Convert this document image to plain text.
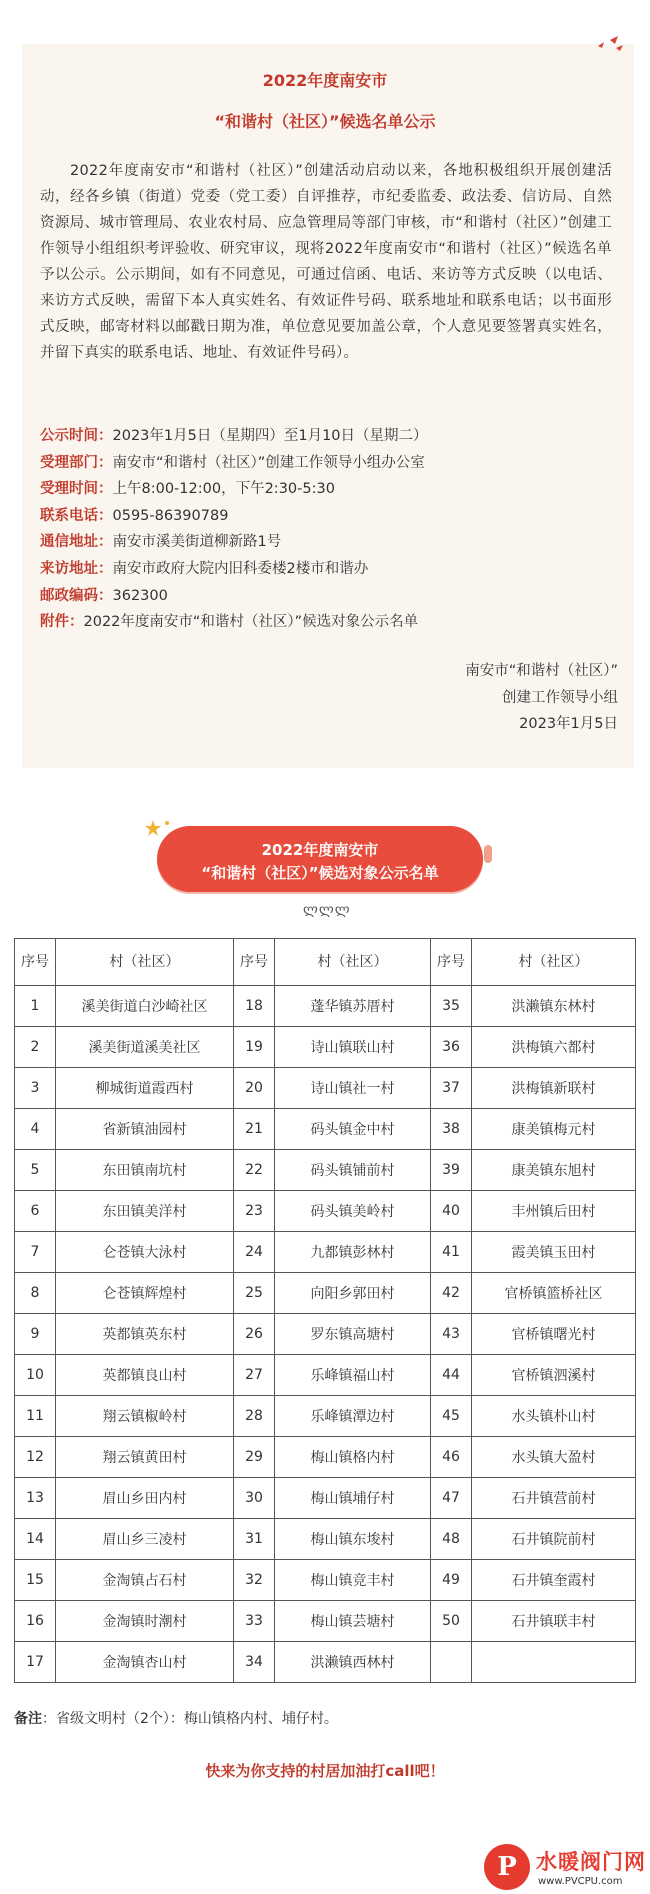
2022年度南安市
“和谐村（社区）”候选名单公示
2022年度南安市“和谐村（社区）”创建活动启动以来，各地积极组织开展创建活动，经各乡镇（街道）党委（党工委）自评推荐，市纪委监委、政法委、信访局、自然资源局、城市管理局、农业农村局、应急管理局等部门审核，市“和谐村（社区）”创建工作领导小组组织考评验收、研究审议，现将2022年度南安市“和谐村（社区）”候选名单予以公示。公示期间，如有不同意见，可通过信函、电话、来访等方式反映（以电话、来访方式反映，需留下本人真实姓名、有效证件号码、联系地址和联系电话；以书面形式反映，邮寄材料以邮戳日期为准，单位意见要加盖公章，个人意见要签署真实姓名，并留下真实的联系电话、地址、有效证件号码）。
公示时间：2023年1月5日（星期四）至1月10日（星期二）
受理部门：南安市“和谐村（社区）”创建工作领导小组办公室
受理时间：上午8:00-12:00，下午2:30-5:30
联系电话：0595-86390789
通信地址：南安市溪美街道柳新路1号
来访地址：南安市政府大院内旧科委楼2楼市和谐办
邮政编码：362300
附件：2022年度南安市“和谐村（社区）”候选对象公示名单
南安市“和谐村（社区）”
创建工作领导小组
2023年1月5日
2022年度南安市
“和谐村（社区）”候选对象公示名单
ლლლ
序号	村（社区）	序号	村（社区）	序号	村（社区）
1	溪美街道白沙崎社区	18	蓬华镇苏厝村	35	洪濑镇东林村
2	溪美街道溪美社区	19	诗山镇联山村	36	洪梅镇六都村
3	柳城街道霞西村	20	诗山镇社一村	37	洪梅镇新联村
4	省新镇油园村	21	码头镇金中村	38	康美镇梅元村
5	东田镇南坑村	22	码头镇铺前村	39	康美镇东旭村
6	东田镇美洋村	23	码头镇美岭村	40	丰州镇后田村
7	仑苍镇大泳村	24	九都镇彭林村	41	霞美镇玉田村
8	仑苍镇辉煌村	25	向阳乡郭田村	42	官桥镇篮桥社区
9	英都镇英东村	26	罗东镇高塘村	43	官桥镇曙光村
10	英都镇良山村	27	乐峰镇福山村	44	官桥镇泗溪村
11	翔云镇椒岭村	28	乐峰镇潭边村	45	水头镇朴山村
12	翔云镇黄田村	29	梅山镇格内村	46	水头镇大盈村
13	眉山乡田内村	30	梅山镇埔仔村	47	石井镇营前村
14	眉山乡三凌村	31	梅山镇东埈村	48	石井镇院前村
15	金淘镇占石村	32	梅山镇竞丰村	49	石井镇奎霞村
16	金淘镇时潮村	33	梅山镇芸塘村	50	石井镇联丰村
17	金淘镇杏山村	34	洪濑镇西林村		
备注：省级文明村（2个）：梅山镇格内村、埔仔村。
快来为你支持的村居加油打call吧！
P 水暖阀门网
www.PVCPU.com
